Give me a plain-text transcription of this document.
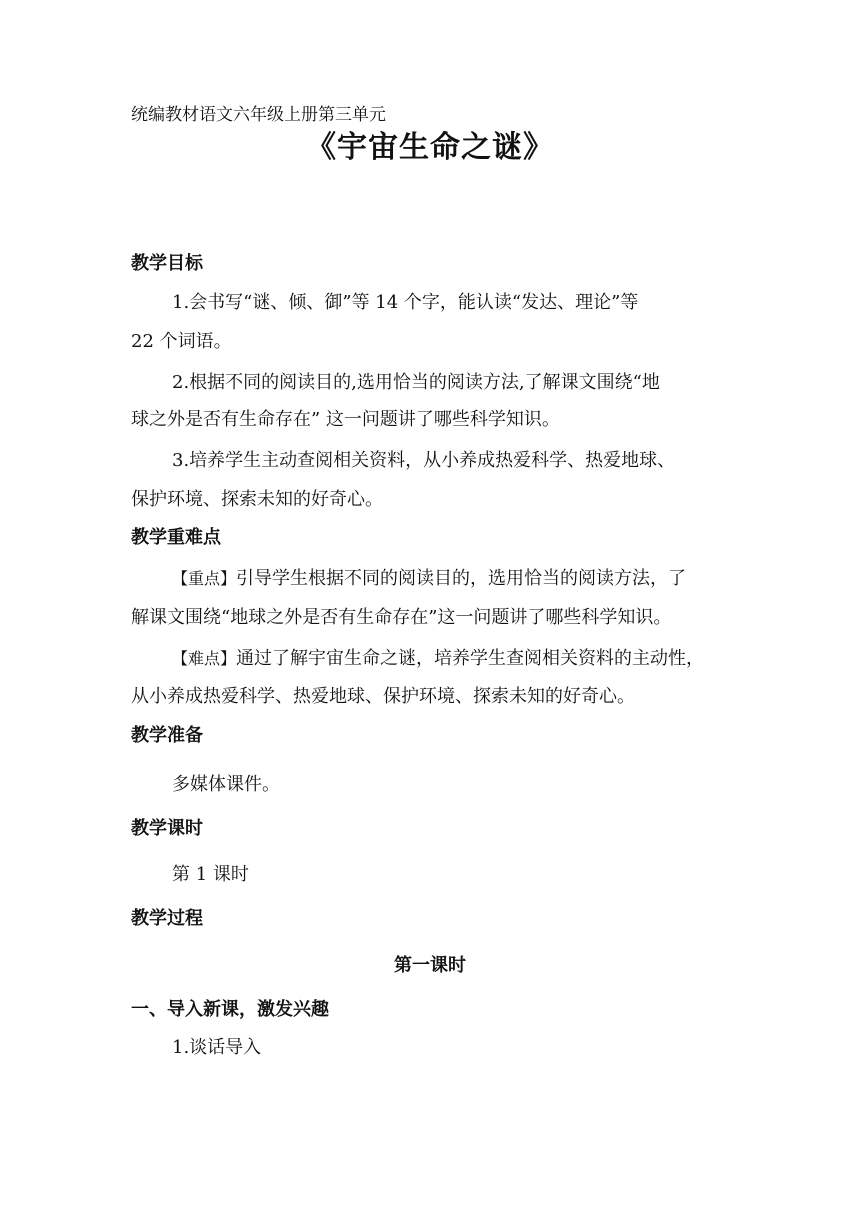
统编教材语文六年级上册第三单元

《宇宙生命之谜》
教学目标

1.会书写“谜、倾、御”等 14 个字，能认读“发达、理论”等

22 个词语。

2.根据不同的阅读目的,选用恰当的阅读方法,了解课文围绕“地

球之外是否有生命存在” 这一问题讲了哪些科学知识。

3.培养学生主动查阅相关资料，从小养成热爱科学、热爱地球、

保护环境、探索未知的好奇心。

教学重难点

【重点】引导学生根据不同的阅读目的，选用恰当的阅读方法，了

解课文围绕“地球之外是否有生命存在”这一问题讲了哪些科学知识。

【难点】通过了解宇宙生命之谜，培养学生查阅相关资料的主动性，

从小养成热爱科学、热爱地球、保护环境、探索未知的好奇心。

教学准备

多媒体课件。

教学课时

第 1 课时

教学过程
第一课时
一、导入新课，激发兴趣

1.谈话导入
